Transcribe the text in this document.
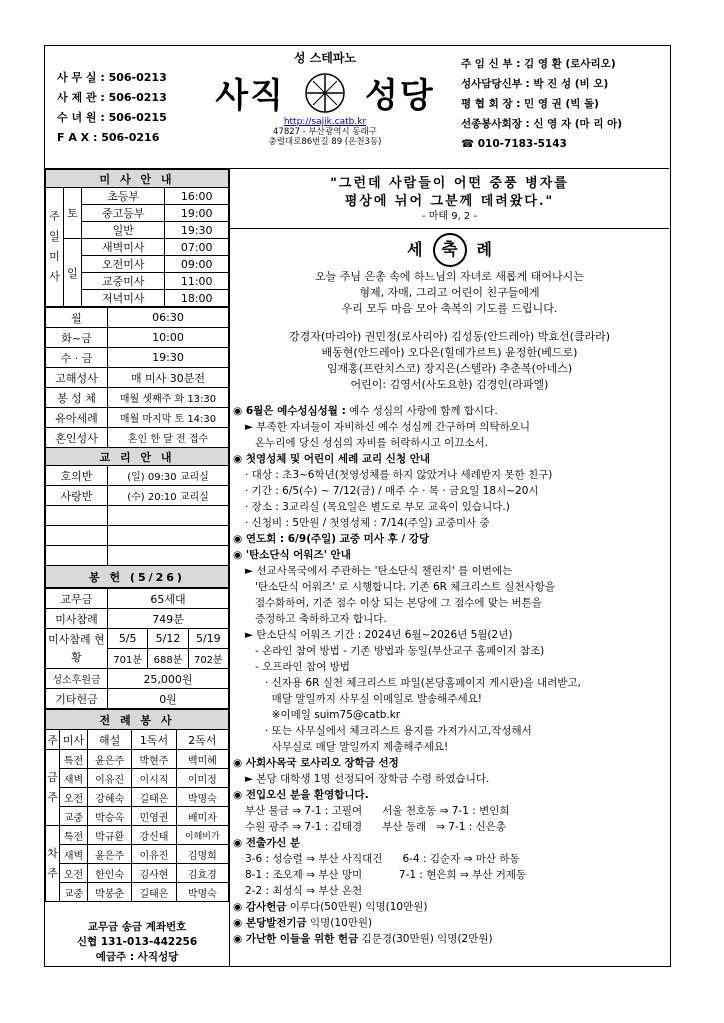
사 무 실 : 506-0213
사 제 관 : 506-0213
수 녀 원 : 506-0215
F A X : 506-0216
성 스테파노
사직 성당
http://sajik.catb.kr
47827 - 부산광역시 동래구
충렬대로86번길 89 (온천3동)
주 임 신 부 : 김 영 환 (로사리오)
성사담당신부 : 박 진 성 (비 오)
평 협 회 장 : 민 영 권 (빅 돌)
선종봉사회장 : 신 영 자 (마 리 아)
☎ 010-7183-5143
미 사 안 내			
주일미사	토	초등부	16:00
		중고등부	19:00
		일반	19:30
	일	새벽미사	07:00
		오전미사	09:00
		교중미사	11:00
		저녁미사	18:00
월	06:30
화~금	10:00
수 · 금	19:30
고해성사	매 미사 30분전
봉 성 체	매월 셋째주 화 13:30
유아세례	매월 마지막 토 14:30
혼인성사	혼인 한 달 전 접수
교 리 안 내	
호의반	(일) 09:30 교리실
사랑반	(수) 20:10 교리실

봉 헌 (5/26)	
교무금	65세대		
미사참례	749분		
미사참례 현황	5/5	5/12	5/19
	701분	688분	702분
성소후원금	25,000원		
기타헌금	0원		
전 례 봉 사				
주	미사	해설	1독서	2독서
금주	특전	윤은주	박현주	백미혜
	새벽	이유진	이시직	이미정
	오전	강혜숙	길태은	박명숙
	교중	박승옥	민영권	배미자
차주	특전	박규환	강신태	이해비가
	새벽	윤은주	이유진	김명희
	오전	한인숙	김사현	김효경
	교중	박봉춘	길태은	박명숙
교무금 송금 계좌번호
신협 131-013-442256
예금주 : 사직성당
"그런데 사람들이 어떤 중풍 병자를
평상에 뉘어 그분께 데려왔다."
- 마태 9, 2 -
세 축 례
오늘 주님 은총 속에 하느님의 자녀로 새롭게 태어나시는
형제, 자매, 그리고 어린이 친구들에게
우리 모두 마음 모아 축복의 기도를 드립니다.
강경자(마리아) 권민정(로사리아) 김성동(안드레아) 박효선(클라라)
배동현(안드레아) 오다은(힐데가르트) 윤정한(베드로)
임재홍(프란치스코) 장지은(스텔라) 추춘복(아네스)
어린이: 김영서(사도요한) 김경인(라파엘)
◉ 6월은 예수성심성월 : 예수 성심의 사랑에 함께 합시다.
► 부족한 자녀들이 자비하신 예수 성심께 간구하며 의탁하오니
온누리에 당신 성심의 자비를 허락하시고 이끄소서.
◉ 첫영성체 및 어린이 세례 교리 신청 안내
· 대상 : 초3~6학년(첫영성체를 하지 않았거나 세례받지 못한 친구)
· 기간 : 6/5(수) ~ 7/12(금) / 매주 수 · 목 · 금요일 18시~20시
· 장소 : 3교리실 (목요일은 별도로 부모 교육이 있습니다.)
· 신청비 : 5만원 / 첫영성체 : 7/14(주일) 교중미사 중
◉ 연도회 : 6/9(주일) 교중 미사 후 / 강당
◉ '탄소단식 어워즈' 안내
► 선교사목국에서 주관하는 '탄소단식 챌린지' 를 이번에는
'탄소단식 어워즈' 로 시행합니다. 기존 6R 체크리스트 실천사항을
점수화하여, 기준 점수 이상 되는 본당에 그 점수에 맞는 버튼을
증정하고 축하하고자 합니다.
► 탄소단식 어워즈 기간 : 2024년 6월~2026년 5월(2년)
- 온라인 참여 방법 - 기존 방법과 동일(부산교구 홈페이지 참조)
- 오프라인 참여 방법
· 신자용 6R 실천 체크리스트 파일(본당홈페이지 게시판)을 내려받고,
매달 말일까지 사무실 이메일로 발송해주세요!
※이메일 suim75@catb.kr
· 또는 사무실에서 체크리스트 용지를 가져가시고,작성해서
사무실로 매달 말일까지 제출해주세요!
◉ 사회사목국 로사리오 장학금 선정
► 본당 대학생 1명 선정되어 장학금 수령 하였습니다.
◉ 전입오신 분을 환영합니다.
부산 물금 ⇒ 7-1 : 고필여      서울 천호동 ⇒ 7-1 : 변인희
수원 광주 ⇒ 7-1 : 김태경      부산 동래   ⇒ 7-1 : 신은총
◉ 전출가신 분
3-6 : 성승렬 ⇒ 부산 사직대건      6-4 : 김순자 ⇒ 마산 하동
8-1 : 조오제 ⇒ 부산 망미           7-1 : 현은희 ⇒ 부산 거제동
2-2 : 최성식 ⇒ 부산 온천
◉ 감사헌금 이루다(50만원) 익명(10만원)
◉ 본당발전기금 익명(10만원)
◉ 가난한 이들을 위한 헌금 김문경(30만원) 익명(2만원)
